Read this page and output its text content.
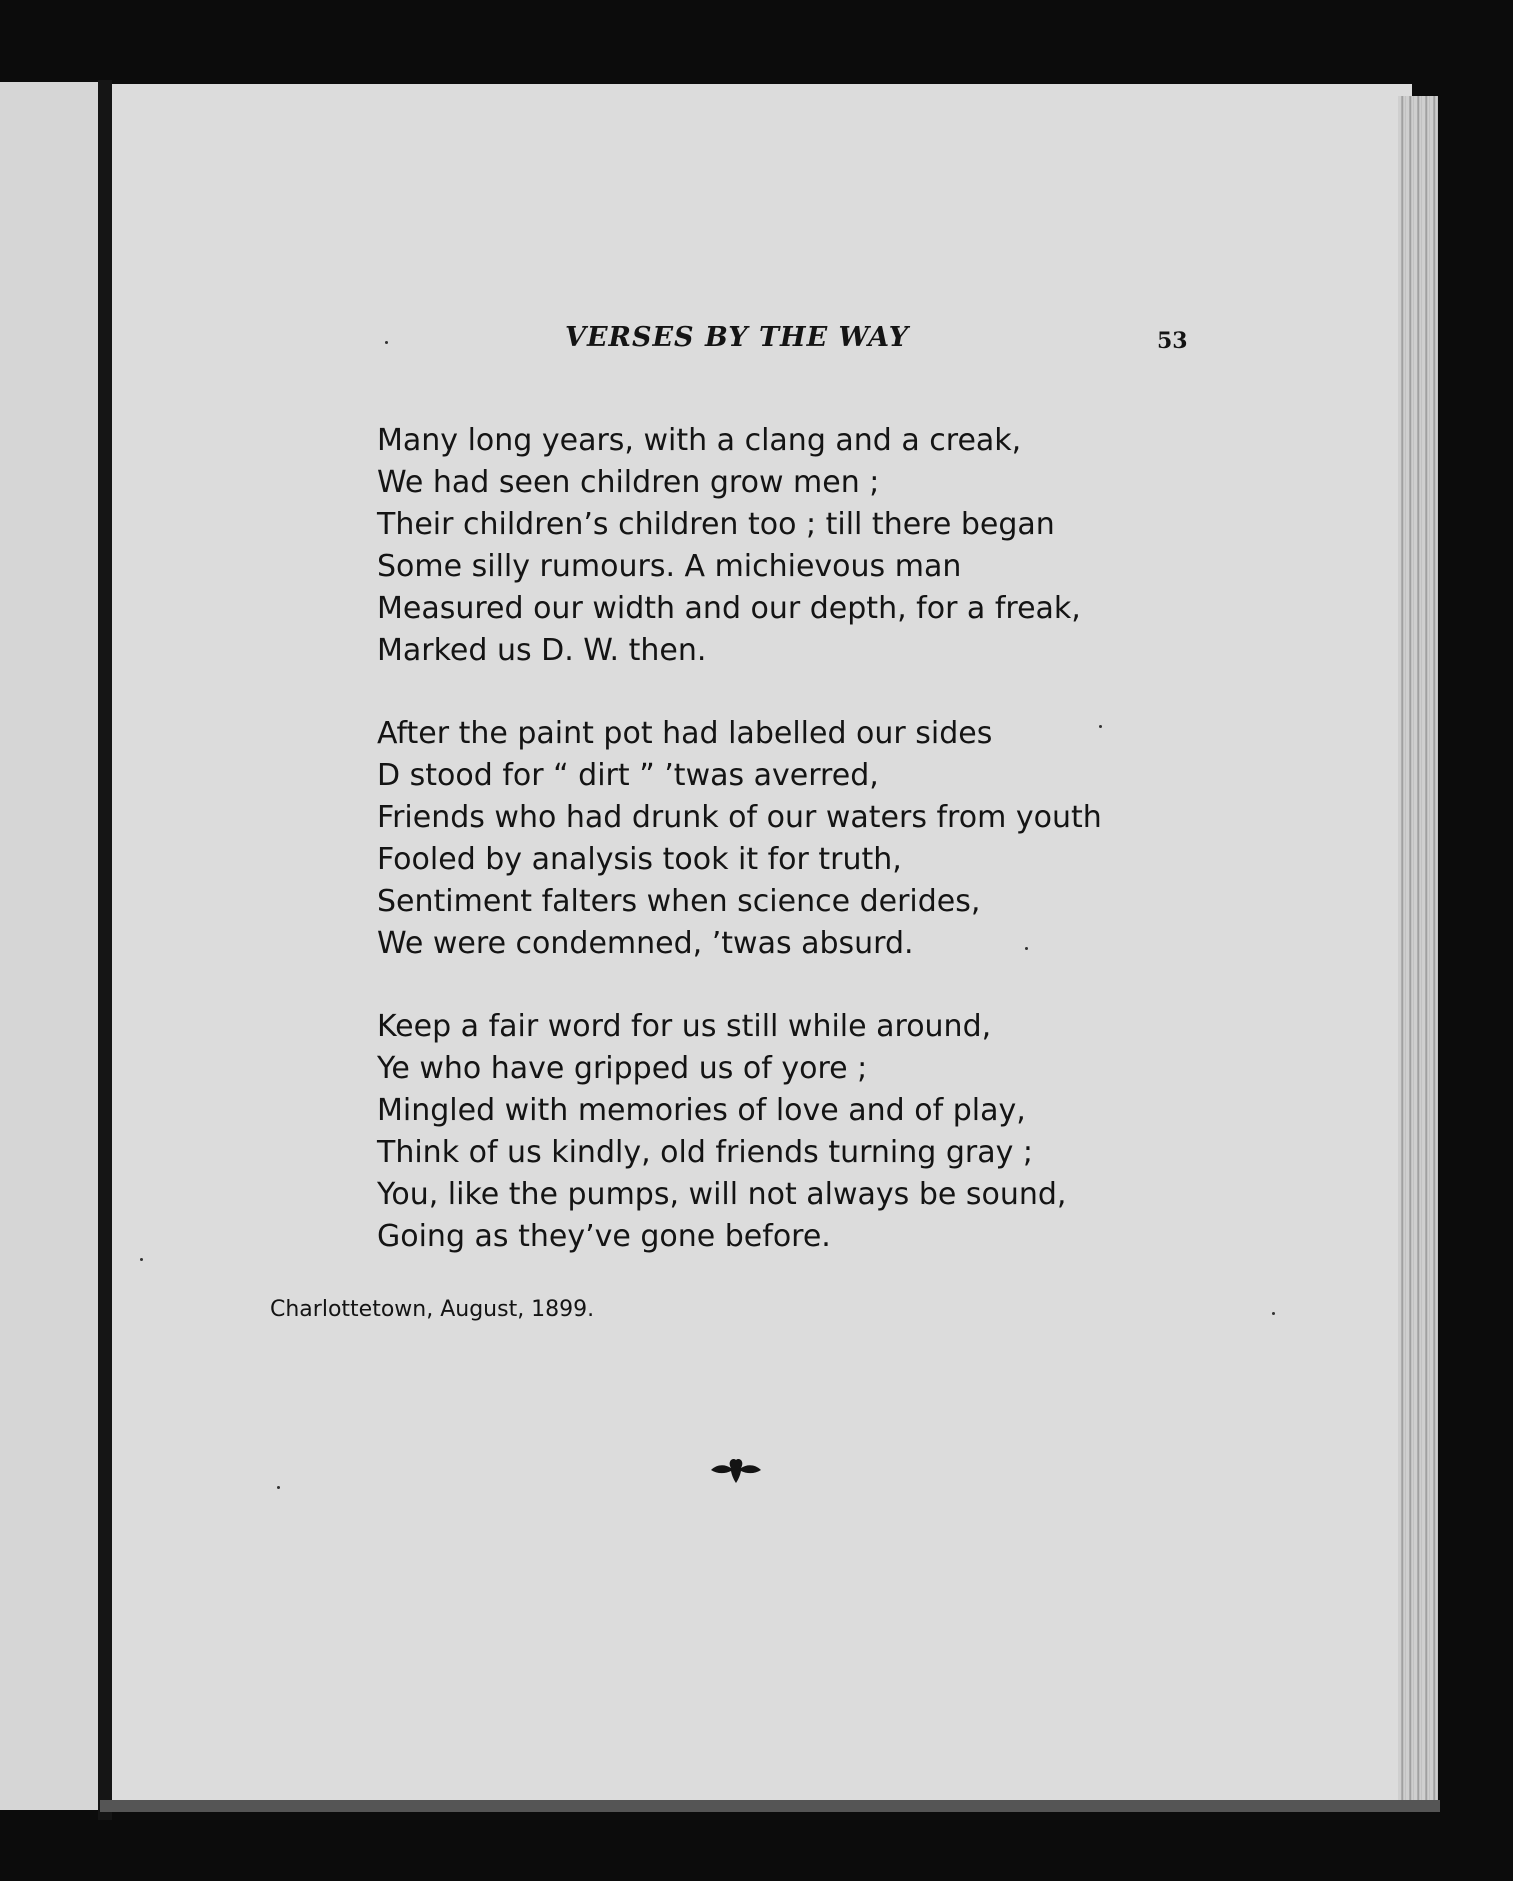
VERSES BY THE WAY	53
Many long years, with a clang and a creak,
We had seen children grow men ;
Their children’s children too ; till there began
Some silly rumours. A michievous man
Measured our width and our depth, for a freak,
Marked us D. W. then.
After the paint pot had labelled our sides
D stood for “ dirt ” ’twas averred,
Friends who had drunk of our waters from youth
Fooled by analysis took it for truth,
Sentiment falters when science derides,
We were condemned, ’twas absurd.
Keep a fair word for us still while around,
Ye who have gripped us of yore ;
Mingled with memories of love and of play,
Think of us kindly, old friends turning gray ;
You, like the pumps, will not always be sound,
Going as they’ve gone before.
Charlottetown, August, 1899.
